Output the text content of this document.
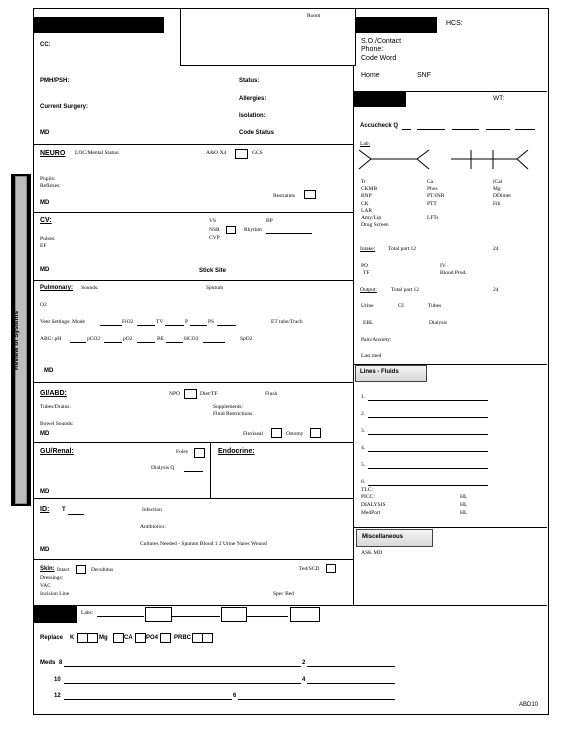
Room
HCS:
CC:	S.O./Contact
Phone:
Code Word
Home	SNF
PMH/PSH:	Status:
Allergies:
Current Surgery:
Isolation:
MD	Code Status
Review of Systems
NEURO LOC/Mental Status:	A&O X4	GCS
Pupils:
Reflexes:
Restraints
MD
CV:	VS	BP
NSR	Rhythm
CVP
Pulses:
EF
MD	Stick Site
Pulmonary: Sounds:	Sputum
O2
Vent Settings: Mode	FiO2	TV	P	PS	ET tube/Trach
ABG: pH	pCO2	pO2	BE	HCO3	SpO2
MD
GI/ABD:	NPO	Diet/TF	Flush
Tubes/Drains:	Supplements:
Fluid Restrictions
Bowel Sounds:
MD	Flexiseal	Ostomy
GU/Renal:	Foley
Dialysis Q
MD
Endocrine:
ID: T	Infection
Antibiotics:
Cultures Needed - Sputum Blood 1 2 Urine Nares Wound
MD
Skin: Intact	Decubitus	Ted/SCD
Dressings:
VAC
Incision Line	Spec Bed
WT:
Accucheck Q
Lab:
Tr	Ca	iCal
CKMB	Phos	Mg
BNP	PT/INR	DDimer
CK	PTT	Fib
LAR
Amy/Lip	LFTs
Drug Screen
Intake: Total part 12	24
PO	IV
TF	Blood Prod.
Output:	Total part 12	24
Urine	GI	Tubes
EBL	Dialysis
Pain/Anxiety:
Last med
Lines - Fluids
1.
2.
3.
4.
5.
6.
TLC:
PICC:	HL
DIALYSIS	HL
MedPort	HL
Miscellaneous
ASK MD
Labs:
Replace K	Mg	CA PO4	PRBC
Meds 8	2
10	4
12	6
ABD10
